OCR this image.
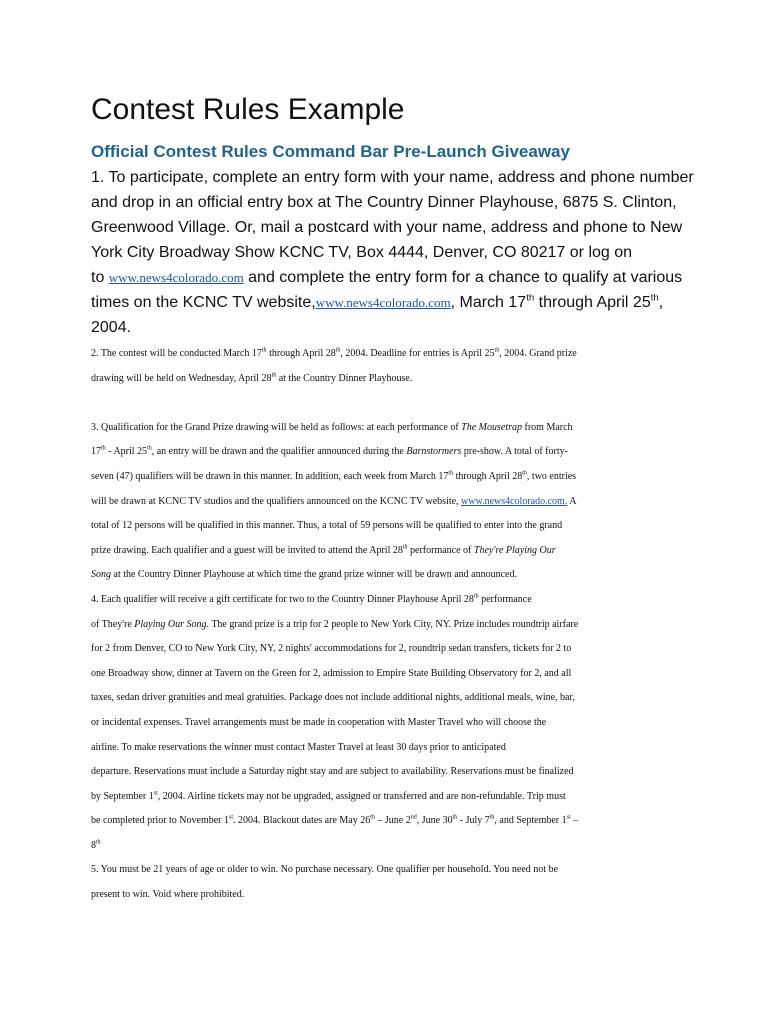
Contest Rules Example
Official Contest Rules Command Bar Pre-Launch Giveaway
1. To participate, complete an entry form with your name, address and phone number
and drop in an official entry box at The Country Dinner Playhouse, 6875 S. Clinton,
Greenwood Village. Or, mail a postcard with your name, address and phone to New
York City Broadway Show KCNC TV, Box 4444, Denver, CO 80217 or log on
to www.news4colorado.com and complete the entry form for a chance to qualify at various
times on the KCNC TV website,www.news4colorado.com, March 17th through April 25th,
2004.
2. The contest will be conducted March 17th through April 28th, 2004. Deadline for entries is April 25th, 2004. Grand prize
drawing will be held on Wednesday, April 28th at the Country Dinner Playhouse.
3. Qualification for the Grand Prize drawing will be held as follows: at each performance of The Mousetrap from March
17th - April 25th, an entry will be drawn and the qualifier announced during the Barnstormers pre-show. A total of forty-
seven (47) qualifiers will be drawn in this manner. In addition, each week from March 17th through April 28th, two entries
will be drawn at KCNC TV studios and the qualifiers announced on the KCNC TV website, www.news4colorado.com. A
total of 12 persons will be qualified in this manner. Thus, a total of 59 persons will be qualified to enter into the grand
prize drawing. Each qualifier and a guest will be invited to attend the April 28th performance of They're Playing Our
Song at the Country Dinner Playhouse at which time the grand prize winner will be drawn and announced.
4. Each qualifier will receive a gift certificate for two to the Country Dinner Playhouse April 28th performance
of They're Playing Our Song. The grand prize is a trip for 2 people to New York City, NY. Prize includes roundtrip airfare
for 2 from Denver, CO to New York City, NY, 2 nights' accommodations for 2, roundtrip sedan transfers, tickets for 2 to
one Broadway show, dinner at Tavern on the Green for 2, admission to Empire State Building Observatory for 2, and all
taxes, sedan driver gratuities and meal gratuities. Package does not include additional nights, additional meals, wine, bar,
or incidental expenses. Travel arrangements must be made in cooperation with Master Travel who will choose the
airline. To make reservations the winner must contact Master Travel at least 30 days prior to anticipated
departure. Reservations must include a Saturday night stay and are subject to availability. Reservations must be finalized
by September 1st, 2004. Airline tickets may not be upgraded, assigned or transferred and are non-refundable. Trip must
be completed prior to November 1st. 2004. Blackout dates are May 26th – June 2nd, June 30th - July 7th, and September 1st –
8th
5. You must be 21 years of age or older to win. No purchase necessary. One qualifier per household. You need not be
present to win. Void where prohibited.
